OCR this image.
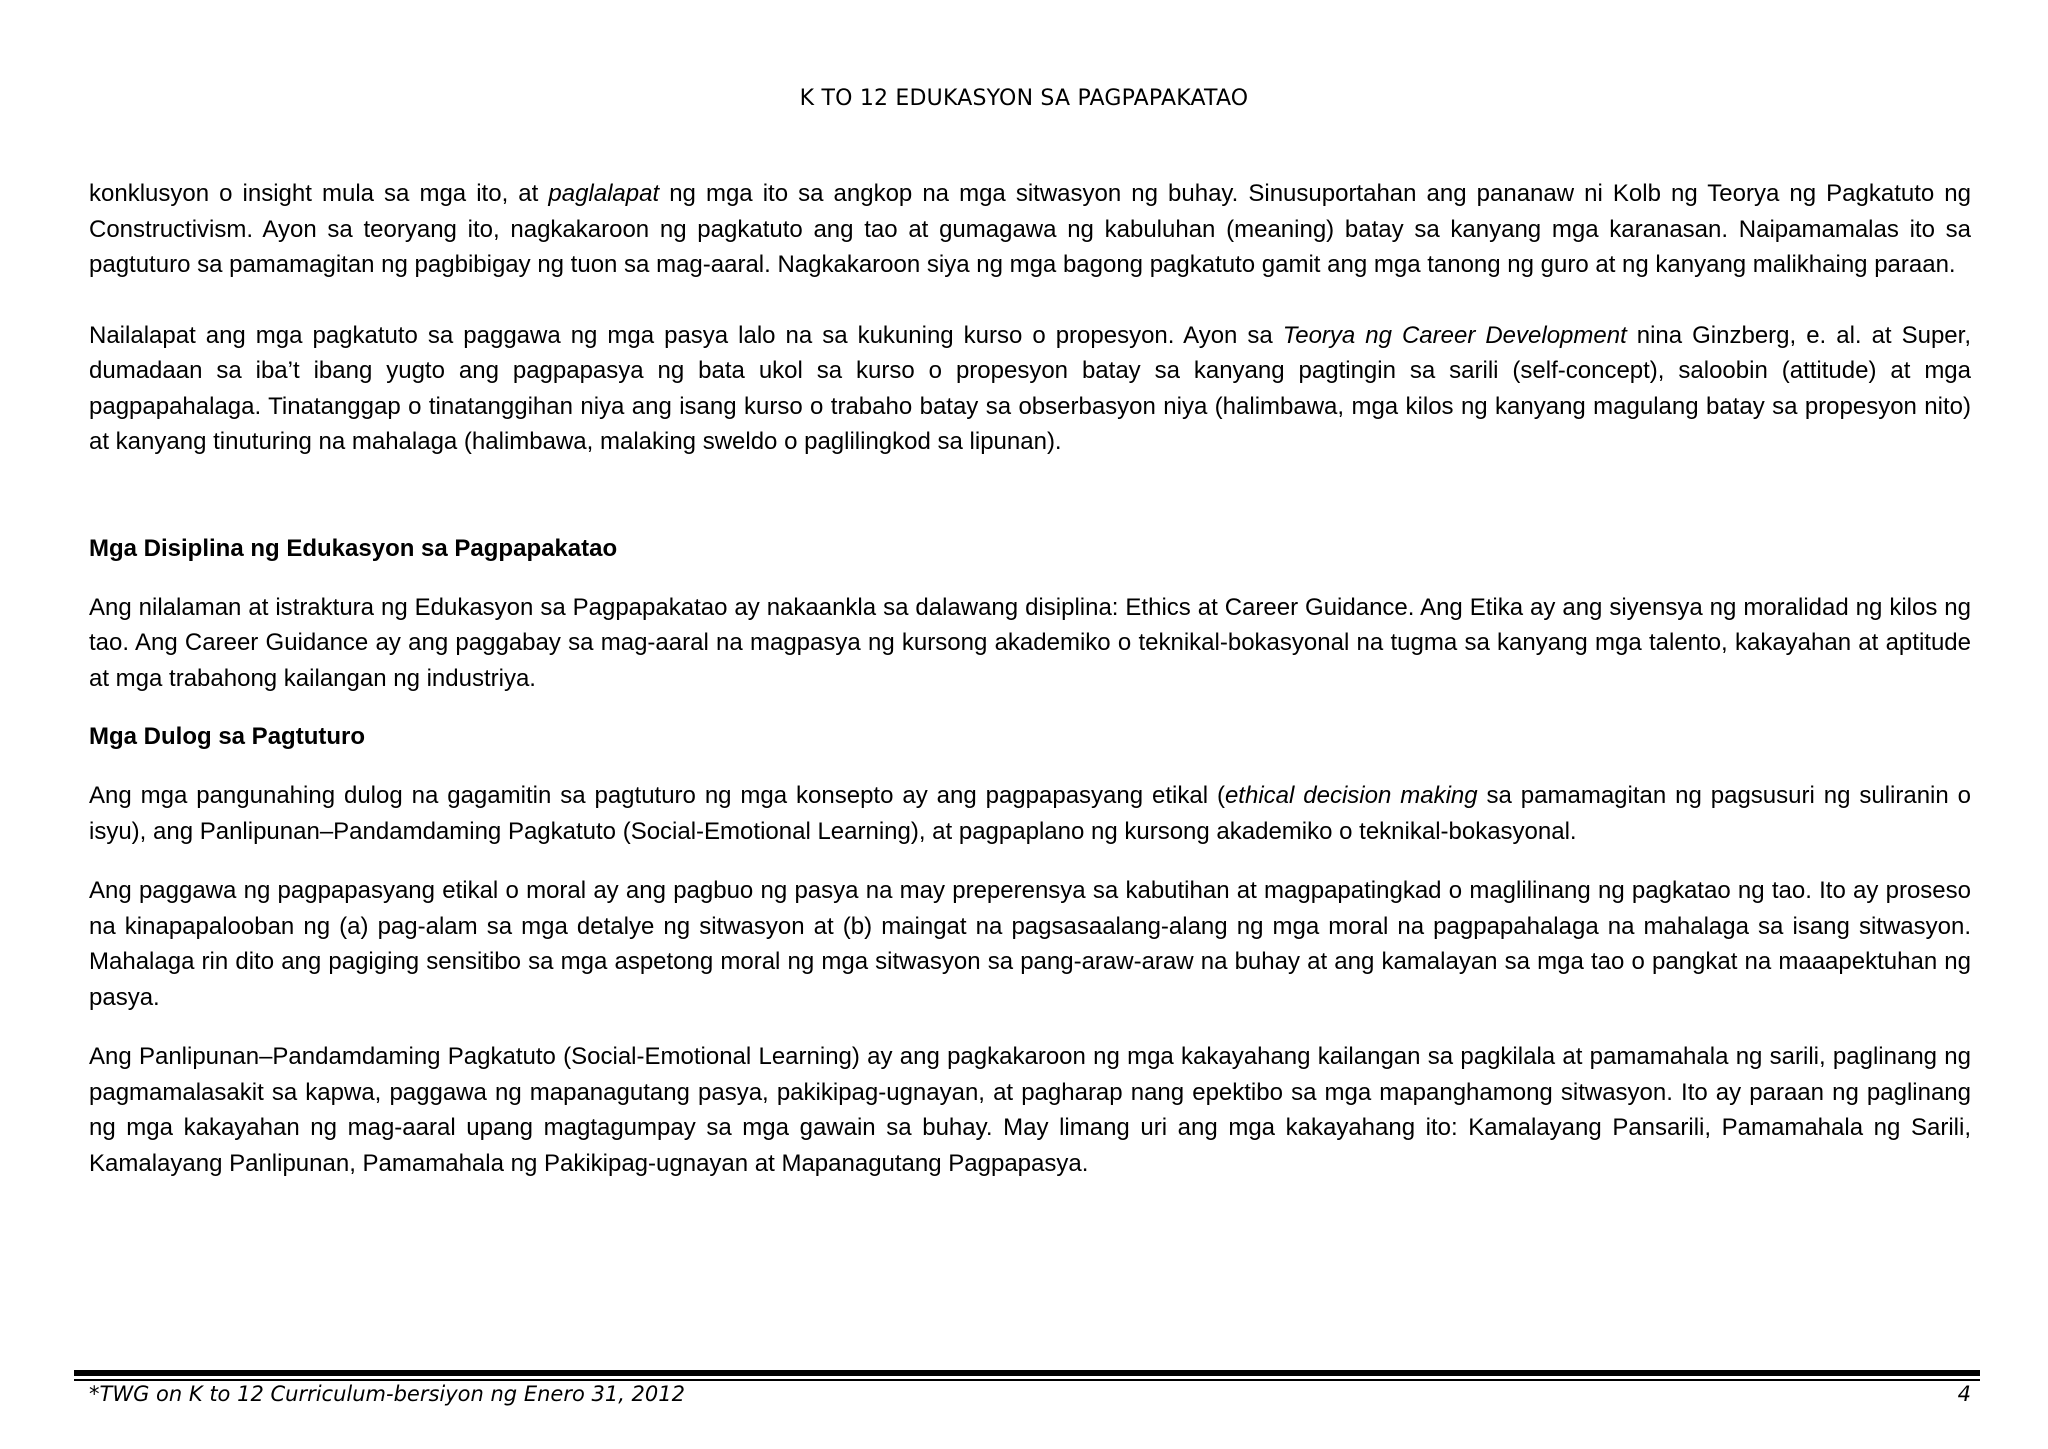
K TO 12 EDUKASYON SA PAGPAPAKATAO

konklusyon o insight mula sa mga ito, at paglalapat ng mga ito sa angkop na mga sitwasyon ng buhay. Sinusuportahan ang pananaw ni Kolb ng Teorya ng Pagkatuto ng Constructivism. Ayon sa teoryang ito, nagkakaroon ng pagkatuto ang tao at gumagawa ng kabuluhan (meaning) batay sa kanyang mga karanasan. Naipamamalas ito sa pagtuturo sa pamamagitan ng pagbibigay ng tuon sa mag-aaral. Nagkakaroon siya ng mga bagong pagkatuto gamit ang mga tanong ng guro at ng kanyang malikhaing paraan.

Nailalapat ang mga pagkatuto sa paggawa ng mga pasya lalo na sa kukuning kurso o propesyon. Ayon sa Teorya ng Career Development nina Ginzberg, e. al. at Super, dumadaan sa iba’t ibang yugto ang pagpapasya ng bata ukol sa kurso o propesyon batay sa kanyang pagtingin sa sarili (self-concept), saloobin (attitude) at mga pagpapahalaga. Tinatanggap o tinatanggihan niya ang isang kurso o trabaho batay sa obserbasyon niya (halimbawa, mga kilos ng kanyang magulang batay sa propesyon nito) at kanyang tinuturing na mahalaga (halimbawa, malaking sweldo o paglilingkod sa lipunan).

Mga Disiplina ng Edukasyon sa Pagpapakatao

Ang nilalaman at istraktura ng Edukasyon sa Pagpapakatao ay nakaankla sa dalawang disiplina: Ethics at Career Guidance. Ang Etika ay ang siyensya ng moralidad ng kilos ng tao. Ang Career Guidance ay ang paggabay sa mag-aaral na magpasya ng kursong akademiko o teknikal-bokasyonal na tugma sa kanyang mga talento, kakayahan at aptitude at mga trabahong kailangan ng industriya.

Mga Dulog sa Pagtuturo

Ang mga pangunahing dulog na gagamitin sa pagtuturo ng mga konsepto ay ang pagpapasyang etikal (ethical decision making sa pamamagitan ng pagsusuri ng suliranin o isyu), ang Panlipunan–Pandamdaming Pagkatuto (Social-Emotional Learning), at pagpaplano ng kursong akademiko o teknikal-bokasyonal.

Ang paggawa ng pagpapasyang etikal o moral ay ang pagbuo ng pasya na may preperensya sa kabutihan at magpapatingkad o maglilinang ng pagkatao ng tao. Ito ay proseso na kinapapalooban ng (a) pag-alam sa mga detalye ng sitwasyon at (b) maingat na pagsasaalang-alang ng mga moral na pagpapahalaga na mahalaga sa isang sitwasyon. Mahalaga rin dito ang pagiging sensitibo sa mga aspetong moral ng mga sitwasyon sa pang-araw-araw na buhay at ang kamalayan sa mga tao o pangkat na maaapektuhan ng pasya.

Ang Panlipunan–Pandamdaming Pagkatuto (Social-Emotional Learning) ay ang pagkakaroon ng mga kakayahang kailangan sa pagkilala at pamamahala ng sarili, paglinang ng pagmamalasakit sa kapwa, paggawa ng mapanagutang pasya, pakikipag-ugnayan, at pagharap nang epektibo sa mga mapanghamong sitwasyon. Ito ay paraan ng paglinang ng mga kakayahan ng mag-aaral upang magtagumpay sa mga gawain sa buhay. May limang uri ang mga kakayahang ito: Kamalayang Pansarili, Pamamahala ng Sarili, Kamalayang Panlipunan, Pamamahala ng Pakikipag-ugnayan at Mapanagutang Pagpapasya.

*TWG on K to 12 Curriculum-bersiyon ng Enero 31, 2012	4
